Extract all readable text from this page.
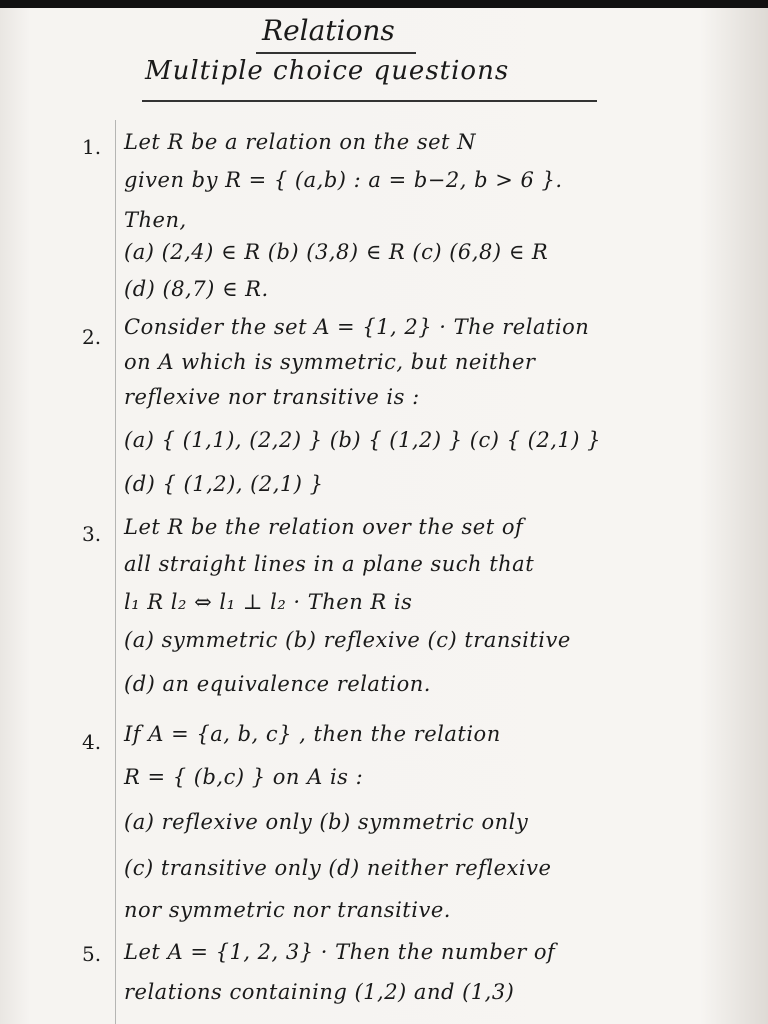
Relations
Multiple choice questions
1. Let R be a relation on the set N
given by R = { (a,b) : a = b−2, b > 6 }.
Then,
(a) (2,4) ∈ R (b) (3,8) ∈ R (c) (6,8) ∈ R
(d) (8,7) ∈ R.
2. Consider the set A = {1, 2} · The relation
on A which is symmetric, but neither
reflexive nor transitive is :
(a) { (1,1), (2,2) } (b) { (1,2) } (c) { (2,1) }
(d) { (1,2), (2,1) }
3. Let R be the relation over the set of
all straight lines in a plane such that
l₁ R l₂ ⇔ l₁ ⊥ l₂ · Then R is
(a) symmetric (b) reflexive (c) transitive
(d) an equivalence relation.
4. If A = {a, b, c} , then the relation
R = { (b,c) } on A is :
(a) reflexive only (b) symmetric only
(c) transitive only (d) neither reflexive
nor symmetric nor transitive.
5. Let A = {1, 2, 3} · Then the number of
relations containing (1,2) and (1,3)
